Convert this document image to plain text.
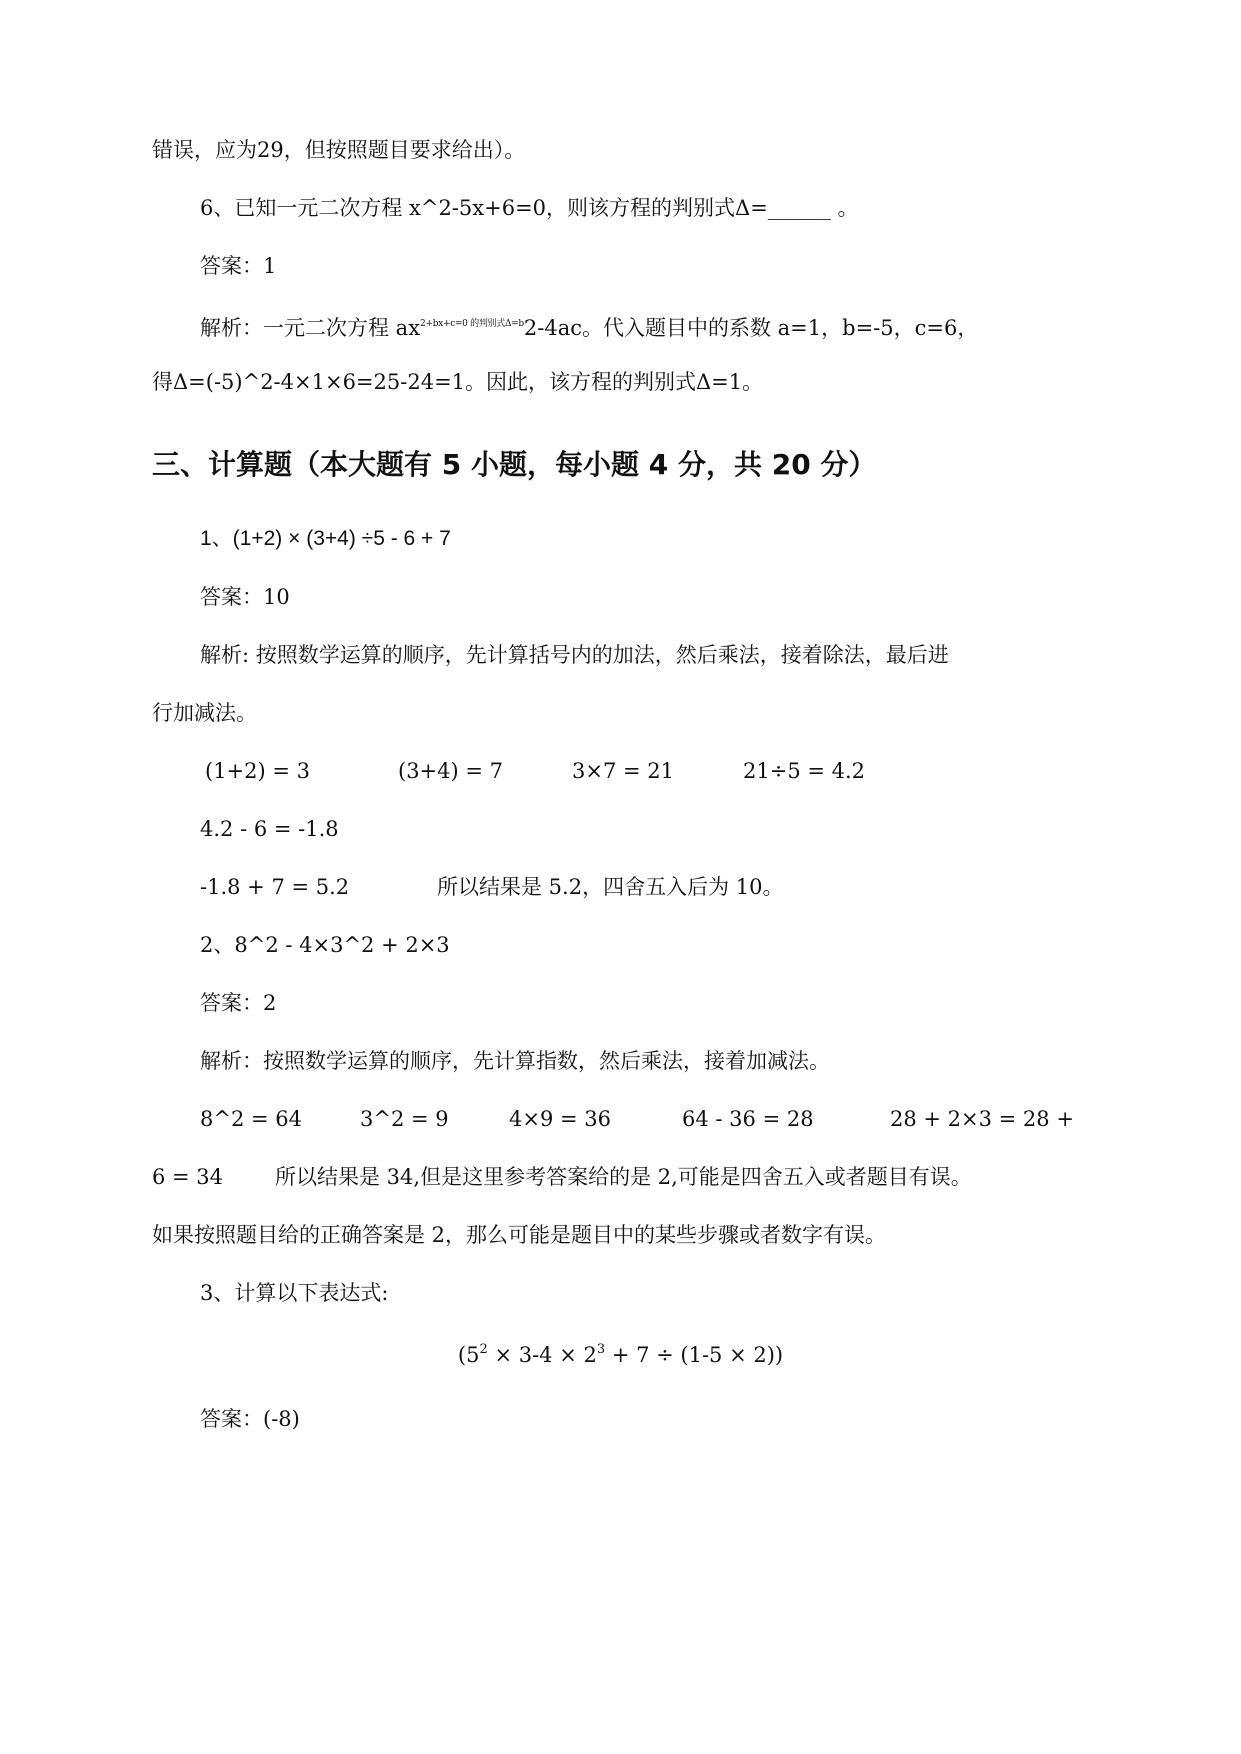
错误，应为29，但按照题目要求给出）。
6、已知一元二次方程 x^2-5x+6=0，则该方程的判别式Δ=______ 。
答案：1
解析：一元二次方程 $ax^{2+bx+c=0 的判别式\Delta=b}2-4ac$。代入题目中的系数 a=1，b=-5，c=6，
得Δ=(-5)^2-4×1×6=25-24=1。因此，该方程的判别式Δ=1。
三、计算题（本大题有 5 小题，每小题 4 分，共 20 分）
1、(1+2) × (3+4) ÷5 - 6 + 7
答案：10
解析: 按照数学运算的顺序，先计算括号内的加法，然后乘法，接着除法，最后进
行加减法。
(1+2) = 3	(3+4) = 7	3×7 = 21	21÷5 = 4.2
4.2 - 6 = -1.8
-1.8 + 7 = 5.2	所以结果是 5.2，四舍五入后为 10。
2、8^2 - 4×3^2 + 2×3
答案：2
解析：按照数学运算的顺序，先计算指数，然后乘法，接着加减法。
8^2 = 64	3^2 = 9	4×9 = 36	64 - 36 = 28	28 + 2×3 = 28 +
6 = 34 所以结果是 34,但是这里参考答案给的是 2,可能是四舍五入或者题目有误。
如果按照题目给的正确答案是 2，那么可能是题目中的某些步骤或者数字有误。
3、计算以下表达式:
$(5^2 \times 3-4 \times 2^3 + 7 \div (1-5 \times 2))$
答案：(-8)
